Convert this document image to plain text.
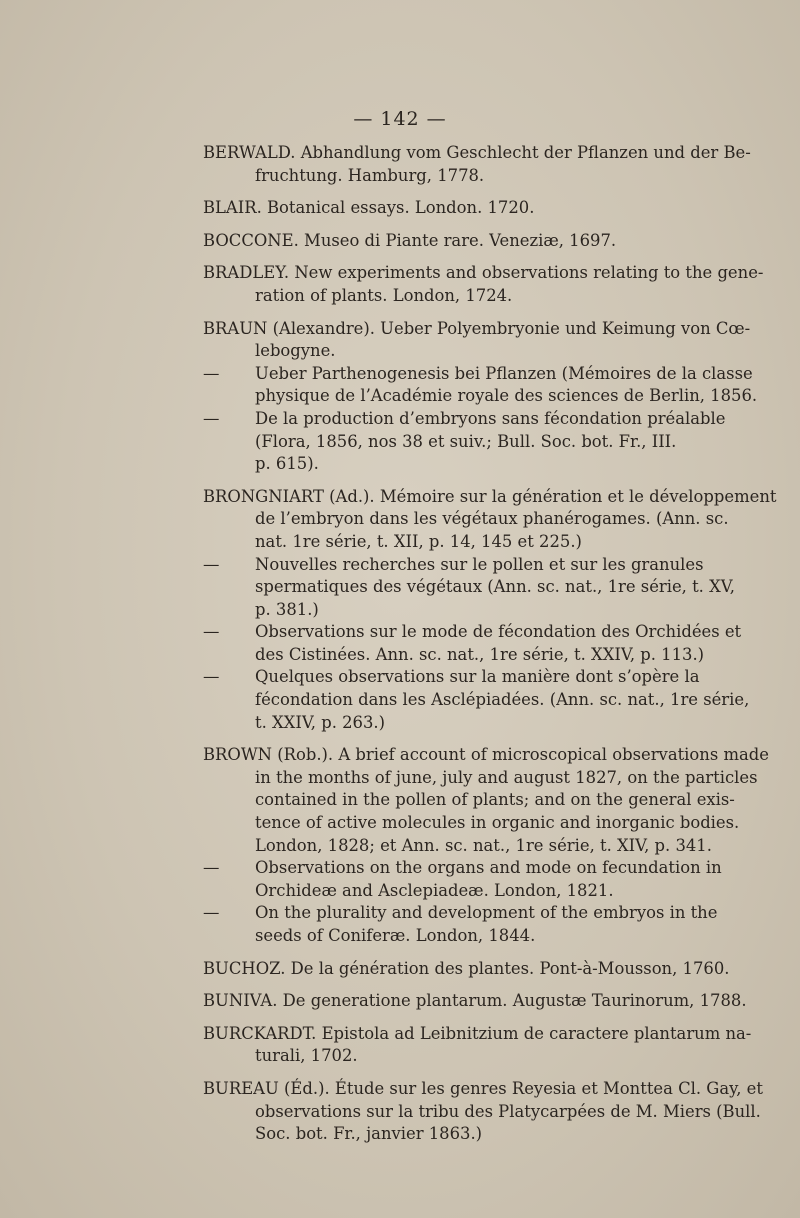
— 142 —
BERWALD. Abhandlung vom Geschlecht der Pflanzen und der Be-
fruchtung. Hamburg, 1778.
BLAIR. Botanical essays. London. 1720.
BOCCONE. Museo di Piante rare. Veneziæ, 1697.
BRADLEY. New experiments and observations relating to the gene-
ration of plants. London, 1724.
BRAUN (Alexandre). Ueber Polyembryonie und Keimung von Cœ-
lebogyne.
— Ueber Parthenogenesis bei Pflanzen (Mémoires de la classe
physique de l’Académie royale des sciences de Berlin, 1856.
— De la production d’embryons sans fécondation préalable
(Flora, 1856, nos 38 et suiv.; Bull. Soc. bot. Fr., III.
p. 615).
BRONGNIART (Ad.). Mémoire sur la génération et le développement
de l’embryon dans les végétaux phanérogames. (Ann. sc.
nat. 1re série, t. XII, p. 14, 145 et 225.)
— Nouvelles recherches sur le pollen et sur les granules
spermatiques des végétaux (Ann. sc. nat., 1re série, t. XV,
p. 381.)
— Observations sur le mode de fécondation des Orchidées et
des Cistinées. Ann. sc. nat., 1re série, t. XXIV, p. 113.)
— Quelques observations sur la manière dont s’opère la
fécondation dans les Asclépiadées. (Ann. sc. nat., 1re série,
t. XXIV, p. 263.)
BROWN (Rob.). A brief account of microscopical observations made
in the months of june, july and august 1827, on the particles
contained in the pollen of plants; and on the general exis-
tence of active molecules in organic and inorganic bodies.
London, 1828; et Ann. sc. nat., 1re série, t. XIV, p. 341.
— Observations on the organs and mode on fecundation in
Orchideæ and Asclepiadeæ. London, 1821.
— On the plurality and development of the embryos in the
seeds of Coniferæ. London, 1844.
BUCHOZ. De la génération des plantes. Pont-à-Mousson, 1760.
BUNIVA. De generatione plantarum. Augustæ Taurinorum, 1788.
BURCKARDT. Epistola ad Leibnitzium de caractere plantarum na-
turali, 1702.
BUREAU (Éd.). Étude sur les genres Reyesia et Monttea Cl. Gay, et
observations sur la tribu des Platycarpées de M. Miers (Bull.
Soc. bot. Fr., janvier 1863.)
